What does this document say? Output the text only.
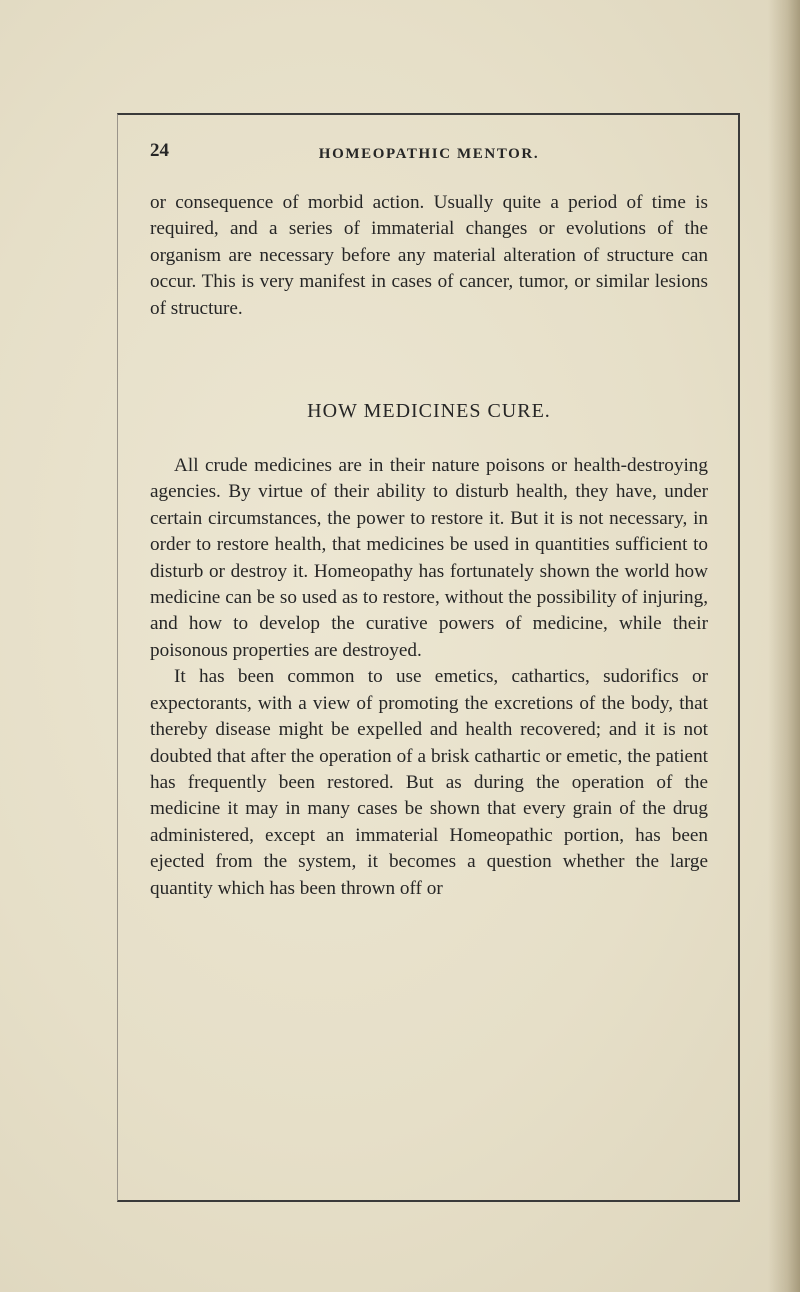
24	HOMEOPATHIC MENTOR.

or consequence of morbid action. Usually quite a period of time is required, and a series of immaterial changes or evolutions of the organism are necessary before any material alteration of structure can occur. This is very manifest in cases of cancer, tumor, or similar lesions of structure.

HOW MEDICINES CURE.

All crude medicines are in their nature poisons or health-destroying agencies. By virtue of their ability to disturb health, they have, under certain circumstances, the power to restore it. But it is not necessary, in order to restore health, that medicines be used in quantities sufficient to disturb or destroy it. Homeopathy has fortunately shown the world how medicine can be so used as to restore, without the possibility of injuring, and how to develop the curative powers of medicine, while their poisonous properties are destroyed.

It has been common to use emetics, cathartics, sudorifics or expectorants, with a view of promoting the excretions of the body, that thereby disease might be expelled and health recovered; and it is not doubted that after the operation of a brisk cathartic or emetic, the patient has frequently been restored. But as during the operation of the medicine it may in many cases be shown that every grain of the drug administered, except an immaterial Homeopathic portion, has been ejected from the system, it becomes a question whether the large quantity which has been thrown off or
